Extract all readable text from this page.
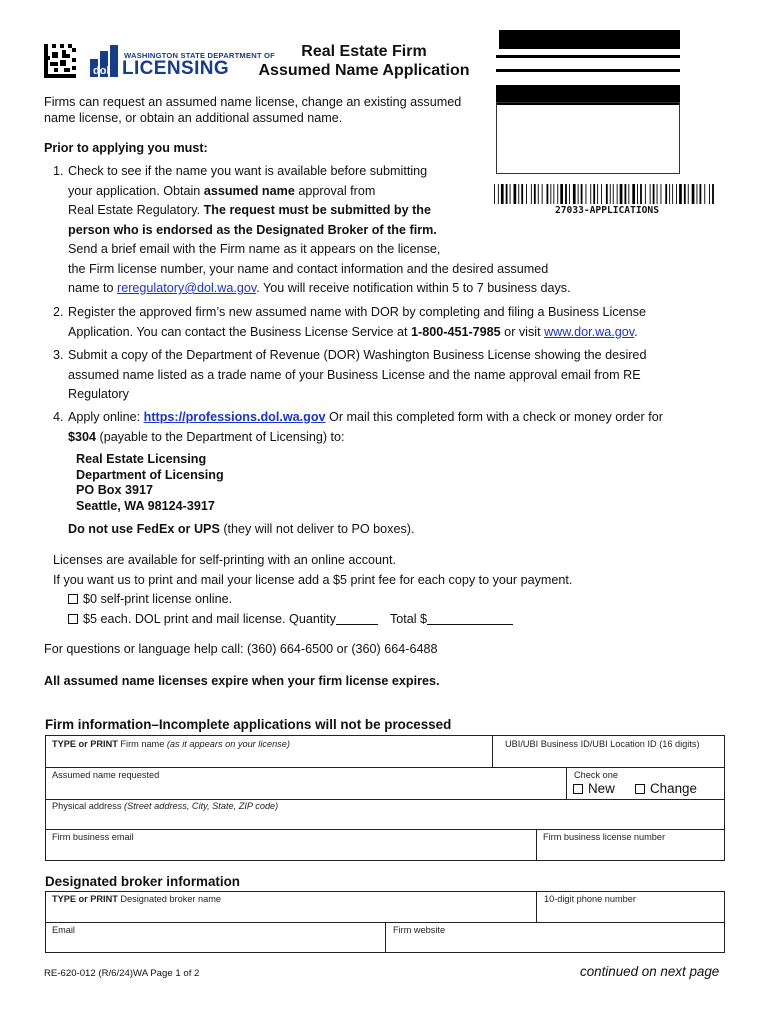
dol
WASHINGTON STATE DEPARTMENT OF
LICENSING
Real Estate Firm
Assumed Name Application
27033-APPLICATIONS
Firms can request an assumed name license, change an existing assumed name license, or obtain an additional assumed name.
Prior to applying you must:
1. Check to see if the name you want is available before submitting
your application. Obtain assumed name approval from
Real Estate Regulatory. The request must be submitted by the
person who is endorsed as the Designated Broker of the firm.
Send a brief email with the Firm name as it appears on the license,
the Firm license number, your name and contact information and the desired assumed
name to reregulatory@dol.wa.gov. You will receive notification within 5 to 7 business days.
2. Register the approved firm’s new assumed name with DOR by completing and filing a Business License
Application. You can contact the Business License Service at 1-800-451-7985 or visit www.dor.wa.gov.
3. Submit a copy of the Department of Revenue (DOR) Washington Business License showing the desired
assumed name listed as a trade name of your Business License and the name approval email from RE
Regulatory
4. Apply online: https://professions.dol.wa.gov Or mail this completed form with a check or money order for
$304 (payable to the Department of Licensing) to:
Real Estate Licensing
Department of Licensing
PO Box 3917
Seattle, WA 98124-3917
Do not use FedEx or UPS (they will not deliver to PO boxes).
Licenses are available for self-printing with an online account.
If you want us to print and mail your license add a $5 print fee for each copy to your payment.
$0 self-print license online.
$5 each. DOL print and mail license. Quantity	Total $
For questions or language help call: (360) 664-6500 or (360) 664-6488
All assumed name licenses expire when your firm license expires.
Firm information–Incomplete applications will not be processed
TYPE or PRINT Firm name (as it appears on your license)	UBI/UBI Business ID/UBI Location ID (16 digits)
Assumed name requested	Check one
New	Change
Physical address (Street address, City, State, ZIP code)
Firm business email	Firm business license number
Designated broker information
TYPE or PRINT Designated broker name	10-digit phone number
Email	Firm website
RE-620-012 (R/6/24)WA Page 1 of 2	continued on next page
